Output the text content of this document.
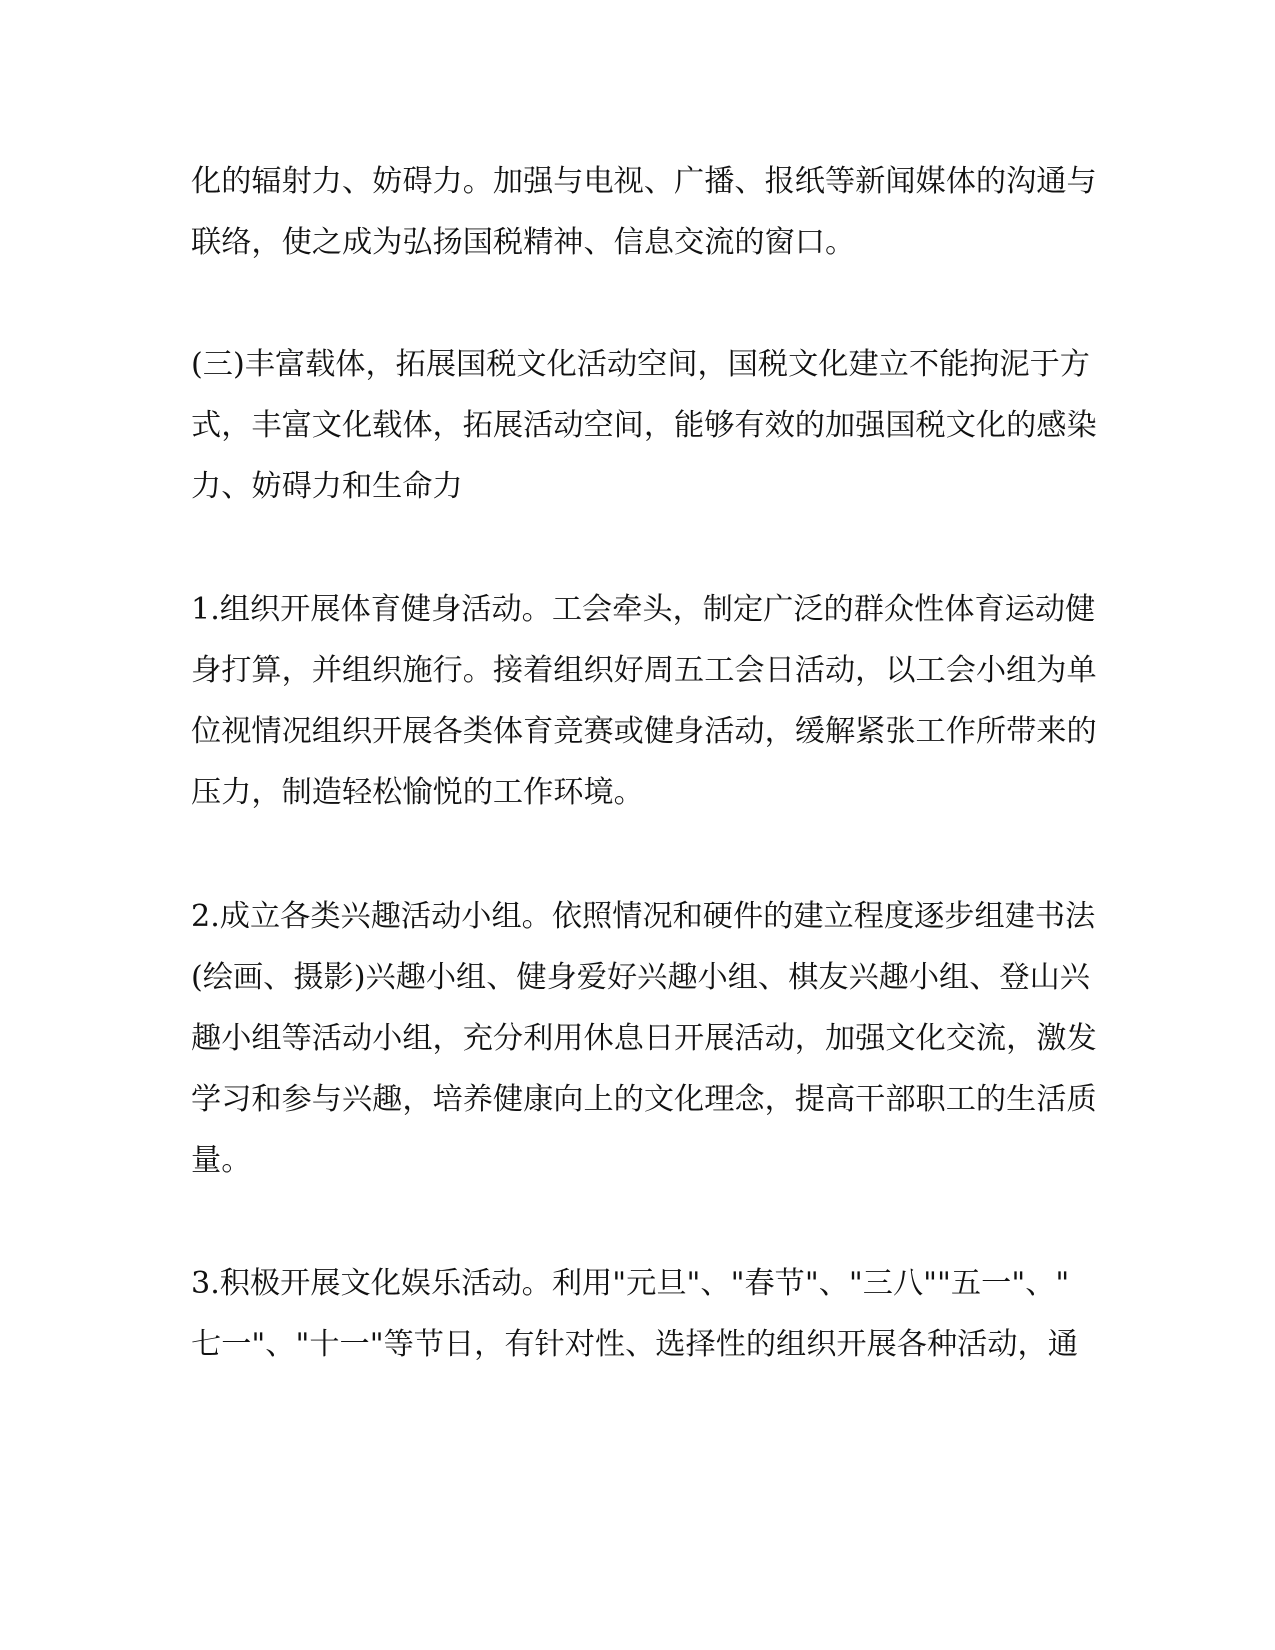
化的辐射力、妨碍力。加强与电视、广播、报纸等新闻媒体的沟通与
联络，使之成为弘扬国税精神、信息交流的窗口。
(三)丰富载体，拓展国税文化活动空间，国税文化建立不能拘泥于方
式，丰富文化载体，拓展活动空间，能够有效的加强国税文化的感染
力、妨碍力和生命力
1.组织开展体育健身活动。工会牵头，制定广泛的群众性体育运动健
身打算，并组织施行。接着组织好周五工会日活动，以工会小组为单
位视情况组织开展各类体育竞赛或健身活动，缓解紧张工作所带来的
压力，制造轻松愉悦的工作环境。
2.成立各类兴趣活动小组。依照情况和硬件的建立程度逐步组建书法
(绘画、摄影)兴趣小组、健身爱好兴趣小组、棋友兴趣小组、登山兴
趣小组等活动小组，充分利用休息日开展活动，加强文化交流，激发
学习和参与兴趣，培养健康向上的文化理念，提高干部职工的生活质
量。
3.积极开展文化娱乐活动。利用"元旦"、"春节"、"三八""五一"、"
七一"、"十一"等节日，有针对性、选择性的组织开展各种活动，通
